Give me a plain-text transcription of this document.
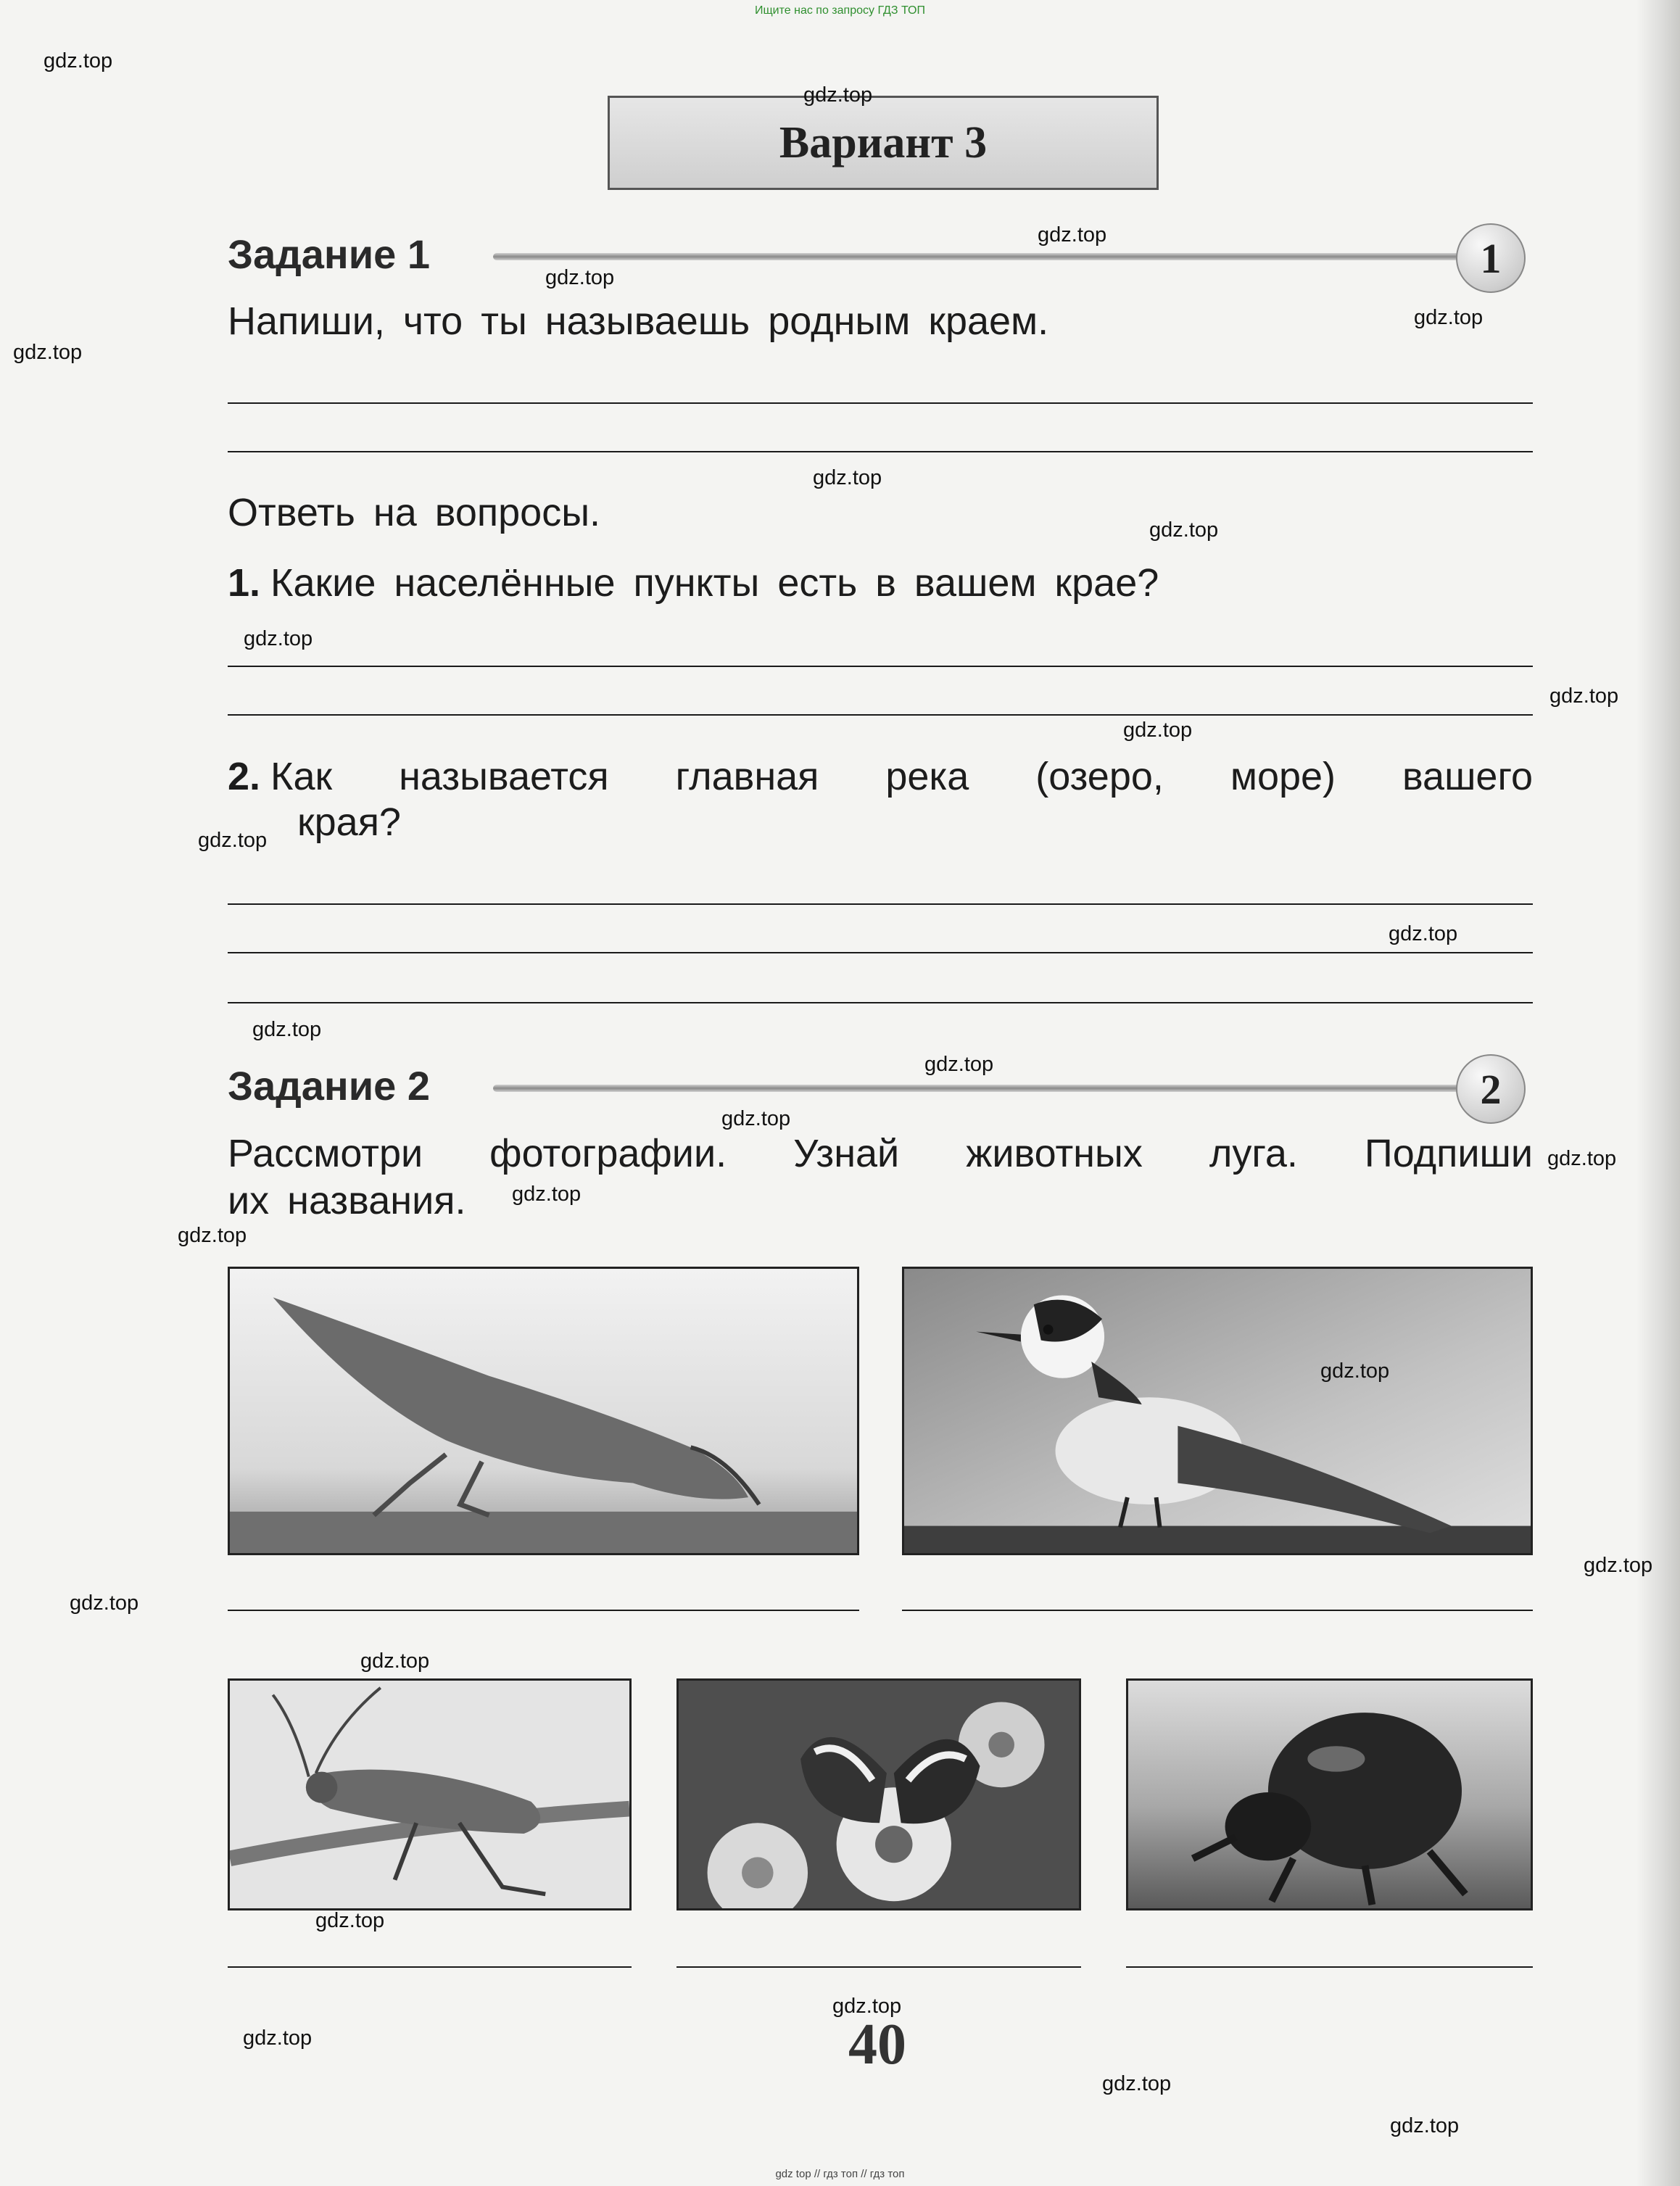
Ищите нас по запросу ГДЗ ТОП
Вариант 3
Задание 1	1
Напиши, что ты называешь родным краем.
Ответь на вопросы.
1. Какие населённые пункты есть в вашем крае?
2. Как называется главная река (озеро, море) вашего
края?
Задание 2	2
Рассмотри фотографии. Узнай животных луга. Подпиши
их названия.
40
gdz.top
gdz.top
gdz.top
gdz.top
gdz.top
gdz.top
gdz.top
gdz.top
gdz.top
gdz.top
gdz.top
gdz.top
gdz.top
gdz.top
gdz.top
gdz.top
gdz.top
gdz.top
gdz.top
gdz.top
gdz.top
gdz.top
gdz.top
gdz.top
gdz.top
gdz.top
gdz.top
gdz.top
gdz top // гдз топ // гдз топ
